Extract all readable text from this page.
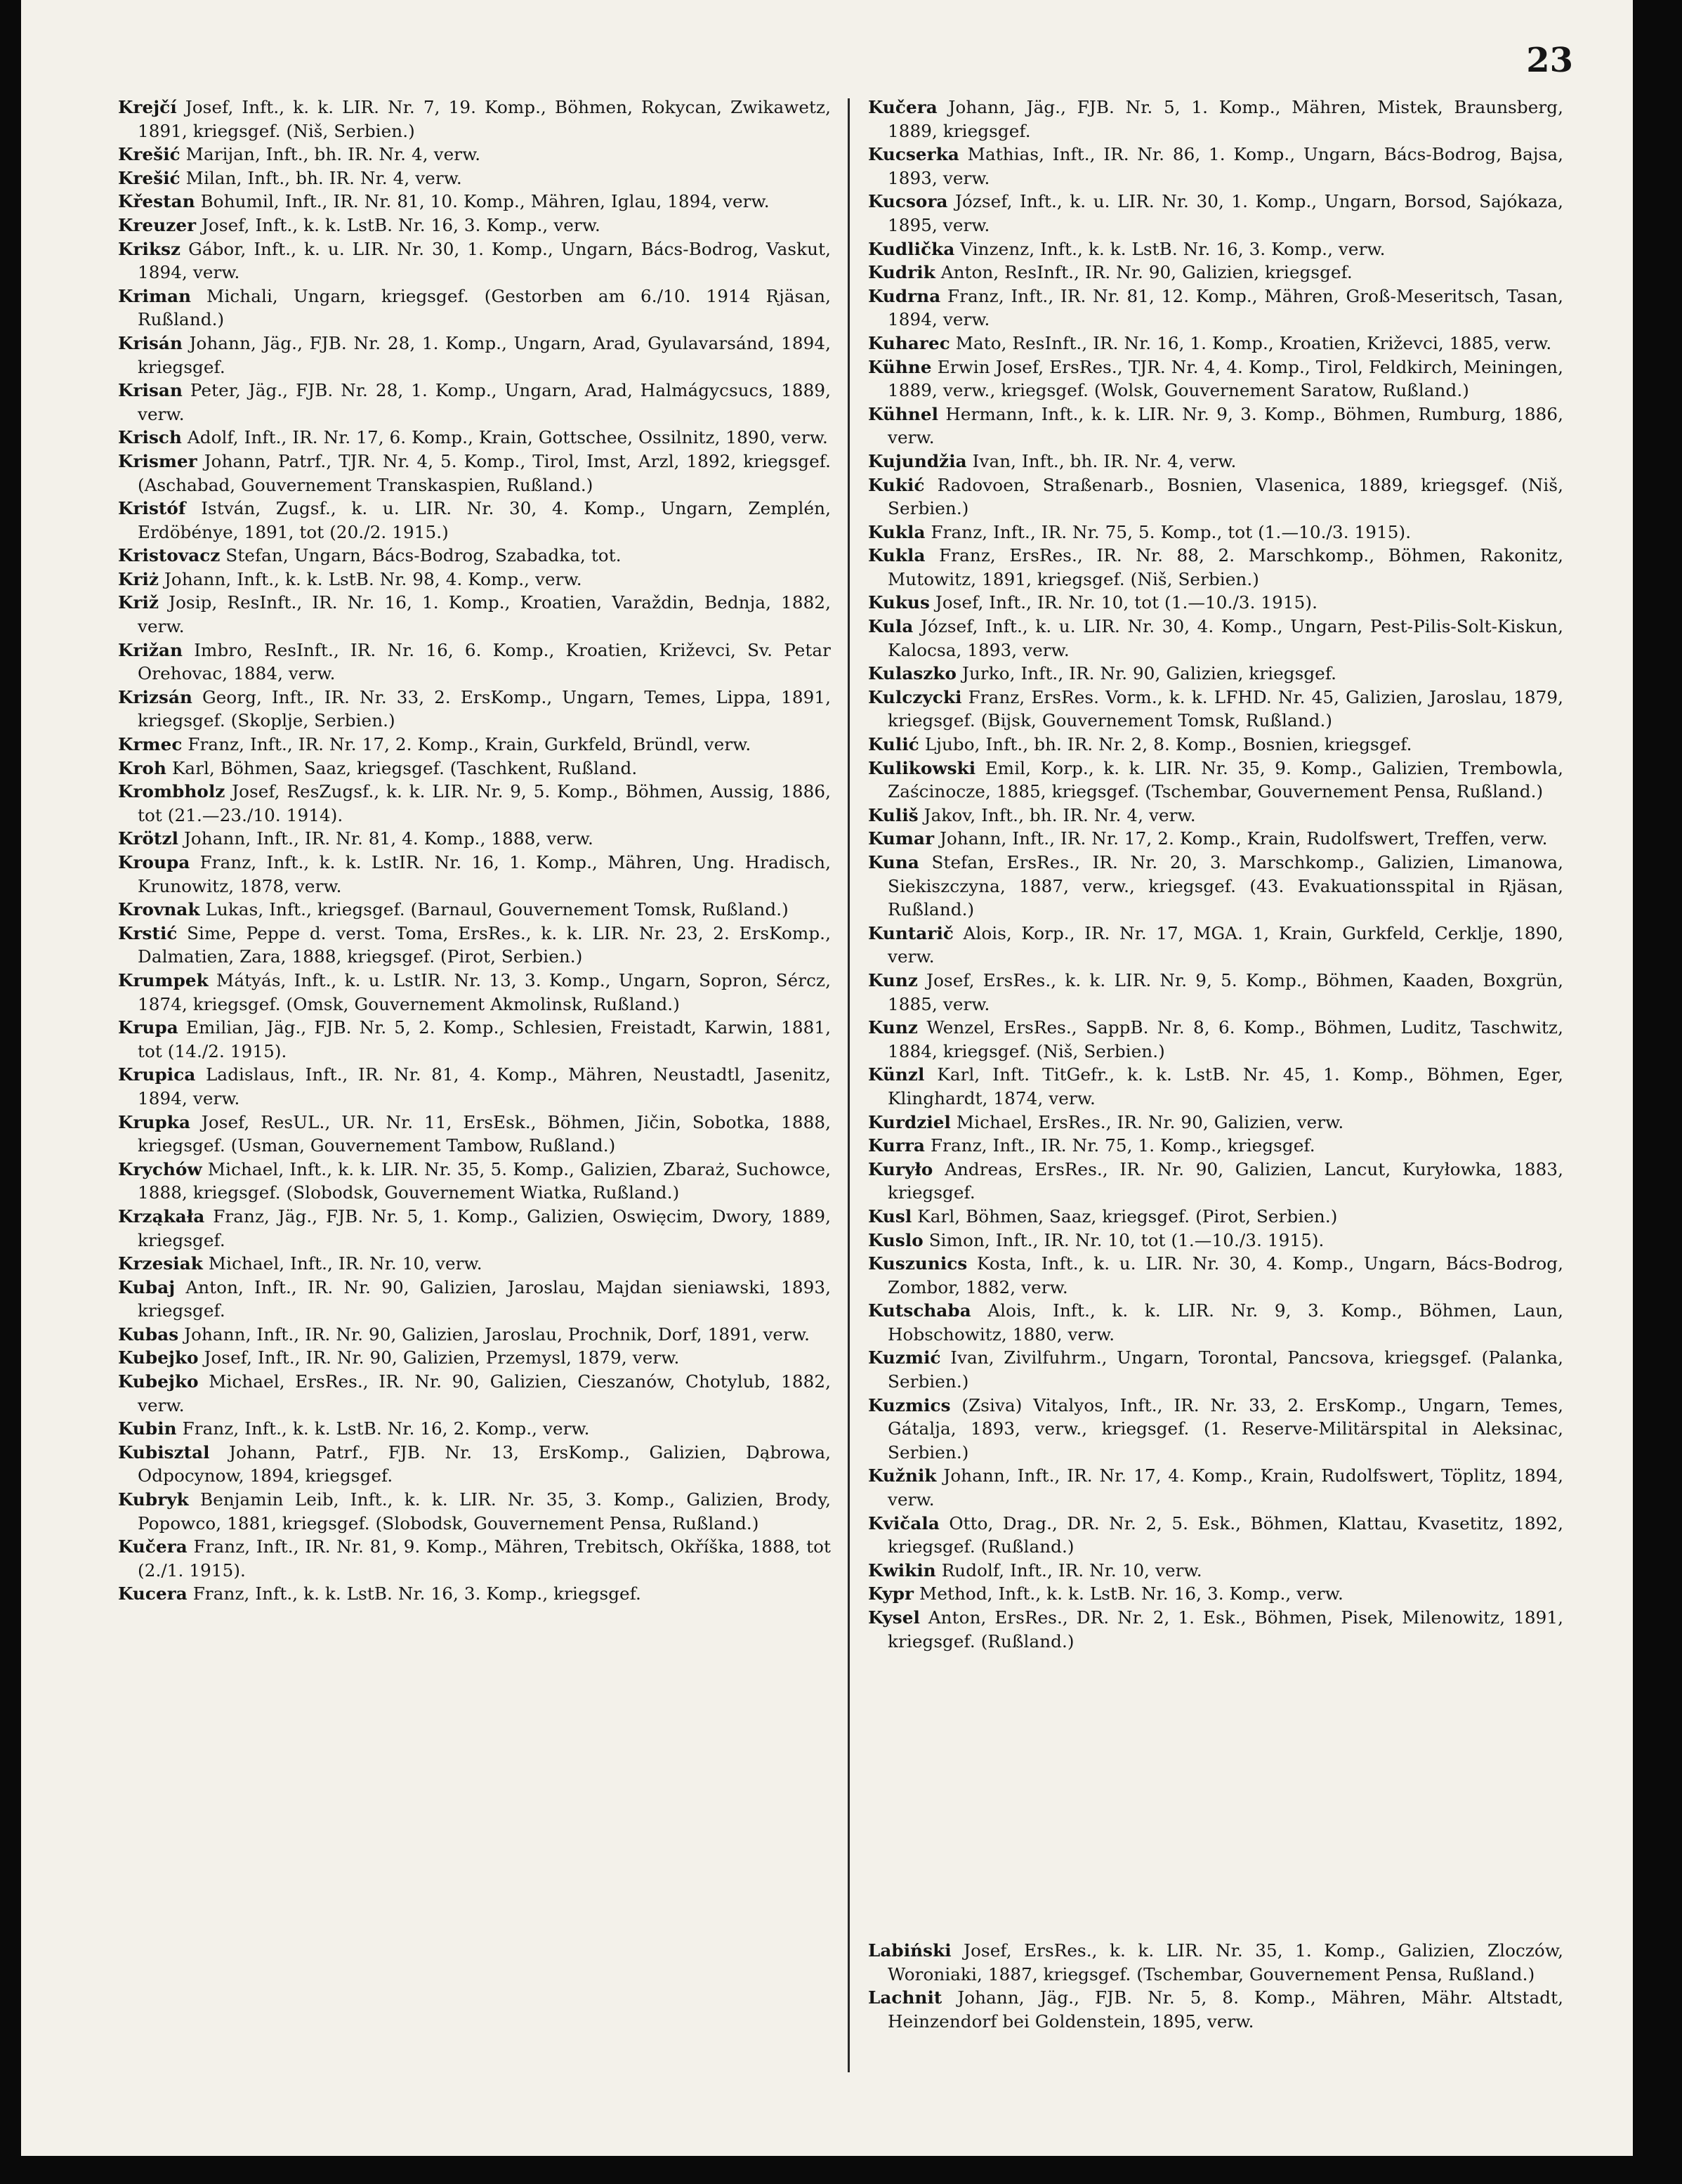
23
Krejčí Josef, Inft., k. k. LIR. Nr. 7, 19. Komp., Böhmen, Rokycan, Zwikawetz, 1891, kriegsgef. (Niš, Serbien.)
Krešić Marijan, Inft., bh. IR. Nr. 4, verw.
Krešić Milan, Inft., bh. IR. Nr. 4, verw.
Křestan Bohumil, Inft., IR. Nr. 81, 10. Komp., Mähren, Iglau, 1894, verw.
Kreuzer Josef, Inft., k. k. LstB. Nr. 16, 3. Komp., verw.
Kriksz Gábor, Inft., k. u. LIR. Nr. 30, 1. Komp., Ungarn, Bács-Bodrog, Vaskut, 1894, verw.
Kriman Michali, Ungarn, kriegsgef. (Gestorben am 6./10. 1914 Rjäsan, Rußland.)
Krisán Johann, Jäg., FJB. Nr. 28, 1. Komp., Ungarn, Arad, Gyulavarsánd, 1894, kriegsgef.
Krisan Peter, Jäg., FJB. Nr. 28, 1. Komp., Ungarn, Arad, Halmágycsucs, 1889, verw.
Krisch Adolf, Inft., IR. Nr. 17, 6. Komp., Krain, Gottschee, Ossilnitz, 1890, verw.
Krismer Johann, Patrf., TJR. Nr. 4, 5. Komp., Tirol, Imst, Arzl, 1892, kriegsgef. (Aschabad, Gouvernement Transkaspien, Rußland.)
Kristóf István, Zugsf., k. u. LIR. Nr. 30, 4. Komp., Ungarn, Zemplén, Erdöbénye, 1891, tot (20./2. 1915.)
Kristovacz Stefan, Ungarn, Bács-Bodrog, Szabadka, tot.
Kriż Johann, Inft., k. k. LstB. Nr. 98, 4. Komp., verw.
Križ Josip, ResInft., IR. Nr. 16, 1. Komp., Kroatien, Varaždin, Bednja, 1882, verw.
Križan Imbro, ResInft., IR. Nr. 16, 6. Komp., Kroatien, Križevci, Sv. Petar Orehovac, 1884, verw.
Krizsán Georg, Inft., IR. Nr. 33, 2. ErsKomp., Ungarn, Temes, Lippa, 1891, kriegsgef. (Skoplje, Serbien.)
Krmec Franz, Inft., IR. Nr. 17, 2. Komp., Krain, Gurkfeld, Bründl, verw.
Kroh Karl, Böhmen, Saaz, kriegsgef. (Taschkent, Rußland.
Krombholz Josef, ResZugsf., k. k. LIR. Nr. 9, 5. Komp., Böhmen, Aussig, 1886, tot (21.—23./10. 1914).
Krötzl Johann, Inft., IR. Nr. 81, 4. Komp., 1888, verw.
Kroupa Franz, Inft., k. k. LstIR. Nr. 16, 1. Komp., Mähren, Ung. Hradisch, Krunowitz, 1878, verw.
Krovnak Lukas, Inft., kriegsgef. (Barnaul, Gouvernement Tomsk, Rußland.)
Krstić Sime, Peppe d. verst. Toma, ErsRes., k. k. LIR. Nr. 23, 2. ErsKomp., Dalmatien, Zara, 1888, kriegsgef. (Pirot, Serbien.)
Krumpek Mátyás, Inft., k. u. LstIR. Nr. 13, 3. Komp., Ungarn, Sopron, Sércz, 1874, kriegsgef. (Omsk, Gouvernement Akmolinsk, Rußland.)
Krupa Emilian, Jäg., FJB. Nr. 5, 2. Komp., Schlesien, Freistadt, Karwin, 1881, tot (14./2. 1915).
Krupica Ladislaus, Inft., IR. Nr. 81, 4. Komp., Mähren, Neustadtl, Jasenitz, 1894, verw.
Krupka Josef, ResUL., UR. Nr. 11, ErsEsk., Böhmen, Jičin, Sobotka, 1888, kriegsgef. (Usman, Gouvernement Tambow, Rußland.)
Krychów Michael, Inft., k. k. LIR. Nr. 35, 5. Komp., Galizien, Zbaraż, Suchowce, 1888, kriegsgef. (Slobodsk, Gouvernement Wiatka, Rußland.)
Krząkała Franz, Jäg., FJB. Nr. 5, 1. Komp., Galizien, Oswięcim, Dwory, 1889, kriegsgef.
Krzesiak Michael, Inft., IR. Nr. 10, verw.
Kubaj Anton, Inft., IR. Nr. 90, Galizien, Jaroslau, Majdan sieniawski, 1893, kriegsgef.
Kubas Johann, Inft., IR. Nr. 90, Galizien, Jaroslau, Prochnik, Dorf, 1891, verw.
Kubejko Josef, Inft., IR. Nr. 90, Galizien, Przemysl, 1879, verw.
Kubejko Michael, ErsRes., IR. Nr. 90, Galizien, Cieszanów, Chotylub, 1882, verw.
Kubin Franz, Inft., k. k. LstB. Nr. 16, 2. Komp., verw.
Kubisztal Johann, Patrf., FJB. Nr. 13, ErsKomp., Galizien, Dąbrowa, Odpocynow, 1894, kriegsgef.
Kubryk Benjamin Leib, Inft., k. k. LIR. Nr. 35, 3. Komp., Galizien, Brody, Popowco, 1881, kriegsgef. (Slobodsk, Gouvernement Pensa, Rußland.)
Kučera Franz, Inft., IR. Nr. 81, 9. Komp., Mähren, Trebitsch, Okříška, 1888, tot (2./1. 1915).
Kucera Franz, Inft., k. k. LstB. Nr. 16, 3. Komp., kriegsgef.
Kučera Johann, Jäg., FJB. Nr. 5, 1. Komp., Mähren, Mistek, Braunsberg, 1889, kriegsgef.
Kucserka Mathias, Inft., IR. Nr. 86, 1. Komp., Ungarn, Bács-Bodrog, Bajsa, 1893, verw.
Kucsora József, Inft., k. u. LIR. Nr. 30, 1. Komp., Ungarn, Borsod, Sajókaza, 1895, verw.
Kudlička Vinzenz, Inft., k. k. LstB. Nr. 16, 3. Komp., verw.
Kudrik Anton, ResInft., IR. Nr. 90, Galizien, kriegsgef.
Kudrna Franz, Inft., IR. Nr. 81, 12. Komp., Mähren, Groß-Meseritsch, Tasan, 1894, verw.
Kuharec Mato, ResInft., IR. Nr. 16, 1. Komp., Kroatien, Križevci, 1885, verw.
Kühne Erwin Josef, ErsRes., TJR. Nr. 4, 4. Komp., Tirol, Feldkirch, Meiningen, 1889, verw., kriegsgef. (Wolsk, Gouvernement Saratow, Rußland.)
Kühnel Hermann, Inft., k. k. LIR. Nr. 9, 3. Komp., Böhmen, Rumburg, 1886, verw.
Kujundžia Ivan, Inft., bh. IR. Nr. 4, verw.
Kukić Radovoen, Straßenarb., Bosnien, Vlasenica, 1889, kriegsgef. (Niš, Serbien.)
Kukla Franz, Inft., IR. Nr. 75, 5. Komp., tot (1.—10./3. 1915).
Kukla Franz, ErsRes., IR. Nr. 88, 2. Marschkomp., Böhmen, Rakonitz, Mutowitz, 1891, kriegsgef. (Niš, Serbien.)
Kukus Josef, Inft., IR. Nr. 10, tot (1.—10./3. 1915).
Kula József, Inft., k. u. LIR. Nr. 30, 4. Komp., Ungarn, Pest-Pilis-Solt-Kiskun, Kalocsa, 1893, verw.
Kulaszko Jurko, Inft., IR. Nr. 90, Galizien, kriegsgef.
Kulczycki Franz, ErsRes. Vorm., k. k. LFHD. Nr. 45, Galizien, Jaroslau, 1879, kriegsgef. (Bijsk, Gouvernement Tomsk, Rußland.)
Kulić Ljubo, Inft., bh. IR. Nr. 2, 8. Komp., Bosnien, kriegsgef.
Kulikowski Emil, Korp., k. k. LIR. Nr. 35, 9. Komp., Galizien, Trembowla, Zaścinocze, 1885, kriegsgef. (Tschembar, Gouvernement Pensa, Rußland.)
Kuliš Jakov, Inft., bh. IR. Nr. 4, verw.
Kumar Johann, Inft., IR. Nr. 17, 2. Komp., Krain, Rudolfswert, Treffen, verw.
Kuna Stefan, ErsRes., IR. Nr. 20, 3. Marschkomp., Galizien, Limanowa, Siekiszczyna, 1887, verw., kriegsgef. (43. Evakuationsspital in Rjäsan, Rußland.)
Kuntarič Alois, Korp., IR. Nr. 17, MGA. 1, Krain, Gurkfeld, Cerklje, 1890, verw.
Kunz Josef, ErsRes., k. k. LIR. Nr. 9, 5. Komp., Böhmen, Kaaden, Boxgrün, 1885, verw.
Kunz Wenzel, ErsRes., SappB. Nr. 8, 6. Komp., Böhmen, Luditz, Taschwitz, 1884, kriegsgef. (Niš, Serbien.)
Künzl Karl, Inft. TitGefr., k. k. LstB. Nr. 45, 1. Komp., Böhmen, Eger, Klinghardt, 1874, verw.
Kurdziel Michael, ErsRes., IR. Nr. 90, Galizien, verw.
Kurra Franz, Inft., IR. Nr. 75, 1. Komp., kriegsgef.
Kuryło Andreas, ErsRes., IR. Nr. 90, Galizien, Lancut, Kuryłowka, 1883, kriegsgef.
Kusl Karl, Böhmen, Saaz, kriegsgef. (Pirot, Serbien.)
Kuslo Simon, Inft., IR. Nr. 10, tot (1.—10./3. 1915).
Kuszunics Kosta, Inft., k. u. LIR. Nr. 30, 4. Komp., Ungarn, Bács-Bodrog, Zombor, 1882, verw.
Kutschaba Alois, Inft., k. k. LIR. Nr. 9, 3. Komp., Böhmen, Laun, Hobschowitz, 1880, verw.
Kuzmić Ivan, Zivilfuhrm., Ungarn, Torontal, Pancsova, kriegsgef. (Palanka, Serbien.)
Kuzmics (Zsiva) Vitalyos, Inft., IR. Nr. 33, 2. ErsKomp., Ungarn, Temes, Gátalja, 1893, verw., kriegsgef. (1. Reserve-Militärspital in Aleksinac, Serbien.)
Kužnik Johann, Inft., IR. Nr. 17, 4. Komp., Krain, Rudolfswert, Töplitz, 1894, verw.
Kvičala Otto, Drag., DR. Nr. 2, 5. Esk., Böhmen, Klattau, Kvasetitz, 1892, kriegsgef. (Rußland.)
Kwikin Rudolf, Inft., IR. Nr. 10, verw.
Kypr Method, Inft., k. k. LstB. Nr. 16, 3. Komp., verw.
Kysel Anton, ErsRes., DR. Nr. 2, 1. Esk., Böhmen, Pisek, Milenowitz, 1891, kriegsgef. (Rußland.)
Labiński Josef, ErsRes., k. k. LIR. Nr. 35, 1. Komp., Galizien, Zloczów, Woroniaki, 1887, kriegsgef. (Tschembar, Gouvernement Pensa, Rußland.)
Lachnit Johann, Jäg., FJB. Nr. 5, 8. Komp., Mähren, Mähr. Altstadt, Heinzendorf bei Goldenstein, 1895, verw.
